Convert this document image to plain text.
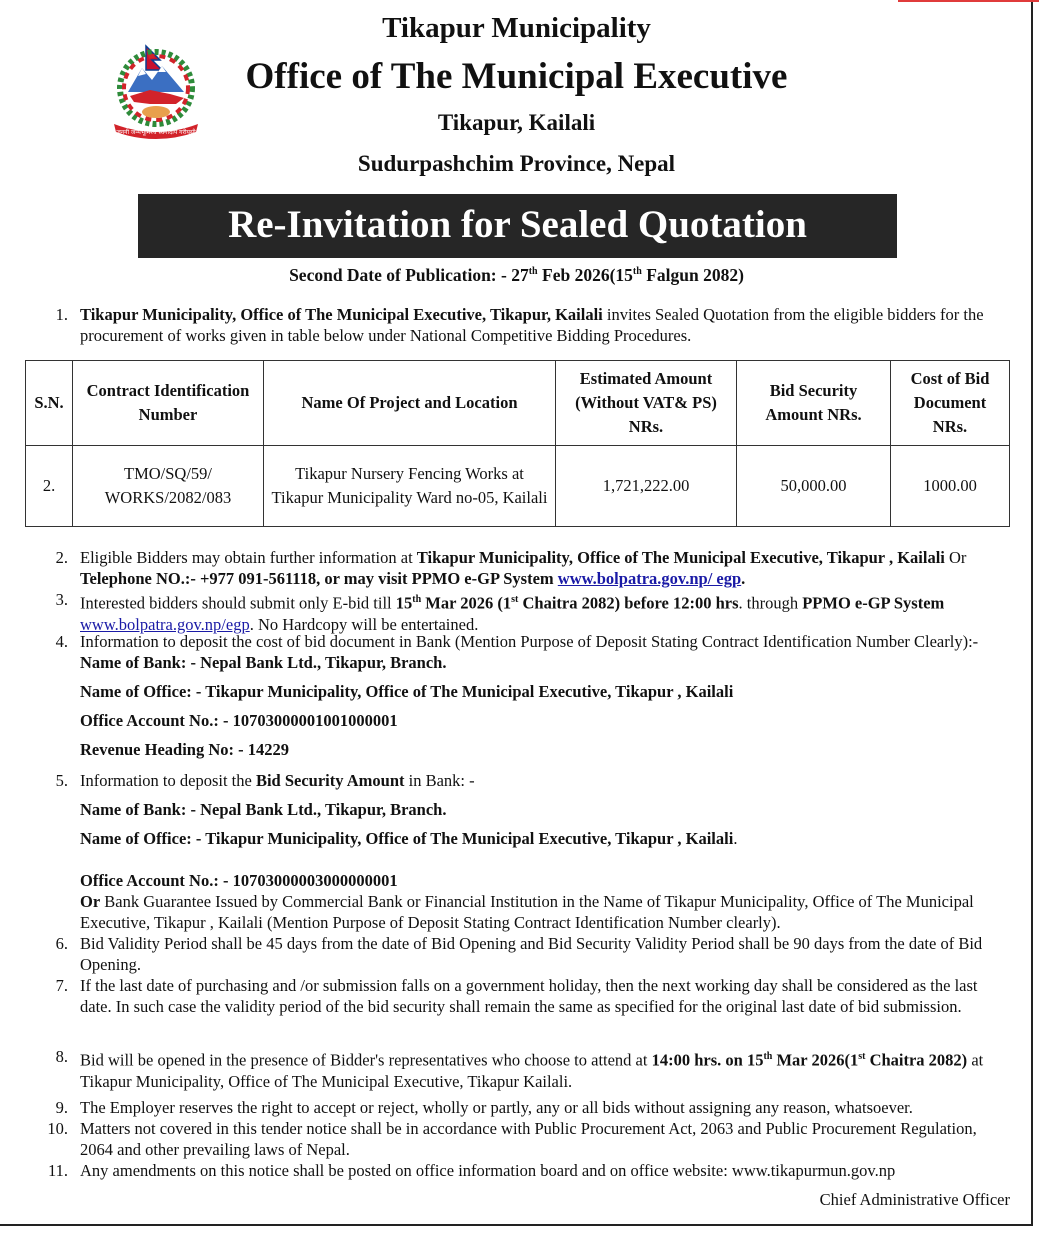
जननी जन्मभूमिश्च स्वर्गादपि गरीयसी
Tikapur Municipality
Office of The Municipal Executive
Tikapur, Kailali
Sudurpashchim Province, Nepal
Re-Invitation for Sealed Quotation
Second Date of Publication: - 27th Feb 2026(15th Falgun 2082)
1. Tikapur Municipality, Office of The Municipal Executive, Tikapur, Kailali invites Sealed Quotation from the eligible bidders for the procurement of works given in table below under National Competitive Bidding Procedures.
S.N.	Contract Identification Number	Name Of Project and Location	Estimated Amount (Without VAT& PS) NRs.	Bid Security Amount NRs.	Cost of Bid Document NRs.
2.	TMO/SQ/59/ WORKS/2082/083	Tikapur Nursery Fencing Works at Tikapur Municipality Ward no-05, Kailali	1,721,222.00	50,000.00	1000.00
2. Eligible Bidders may obtain further information at Tikapur Municipality, Office of The Municipal Executive, Tikapur , Kailali Or Telephone NO.:- +977 091-561118, or may visit PPMO e-GP System www.bolpatra.gov.np/ egp.
3. Interested bidders should submit only E-bid till 15th Mar 2026 (1st Chaitra 2082) before 12:00 hrs. through PPMO e-GP System www.bolpatra.gov.np/egp. No Hardcopy will be entertained.
4. Information to deposit the cost of bid document in Bank (Mention Purpose of Deposit Stating Contract Identification Number Clearly):-Name of Bank: - Nepal Bank Ltd., Tikapur, Branch.
Name of Office: - Tikapur Municipality, Office of The Municipal Executive, Tikapur , Kailali
Office Account No.: - 10703000001001000001
Revenue Heading No: - 14229
5. Information to deposit the Bid Security Amount in Bank: -
Name of Bank: - Nepal Bank Ltd., Tikapur, Branch.
Name of Office: - Tikapur Municipality, Office of The Municipal Executive, Tikapur , Kailali.
Office Account No.: - 10703000003000000001
Or Bank Guarantee Issued by Commercial Bank or Financial Institution in the Name of Tikapur Municipality, Office of The Municipal Executive, Tikapur , Kailali (Mention Purpose of Deposit Stating Contract Identification Number clearly).
6. Bid Validity Period shall be 45 days from the date of Bid Opening and Bid Security Validity Period shall be 90 days from the date of Bid Opening.
7. If the last date of purchasing and /or submission falls on a government holiday, then the next working day shall be considered as the last date. In such case the validity period of the bid security shall remain the same as specified for the original last date of bid submission.
8. Bid will be opened in the presence of Bidder's representatives who choose to attend at 14:00 hrs. on 15th Mar 2026(1st Chaitra 2082) at Tikapur Municipality, Office of The Municipal Executive, Tikapur Kailali.
9. The Employer reserves the right to accept or reject, wholly or partly, any or all bids without assigning any reason, whatsoever.
10. Matters not covered in this tender notice shall be in accordance with Public Procurement Act, 2063 and Public Procurement Regulation, 2064 and other prevailing laws of Nepal.
11. Any amendments on this notice shall be posted on office information board and on office website: www.tikapurmun.gov.np
Chief Administrative Officer
